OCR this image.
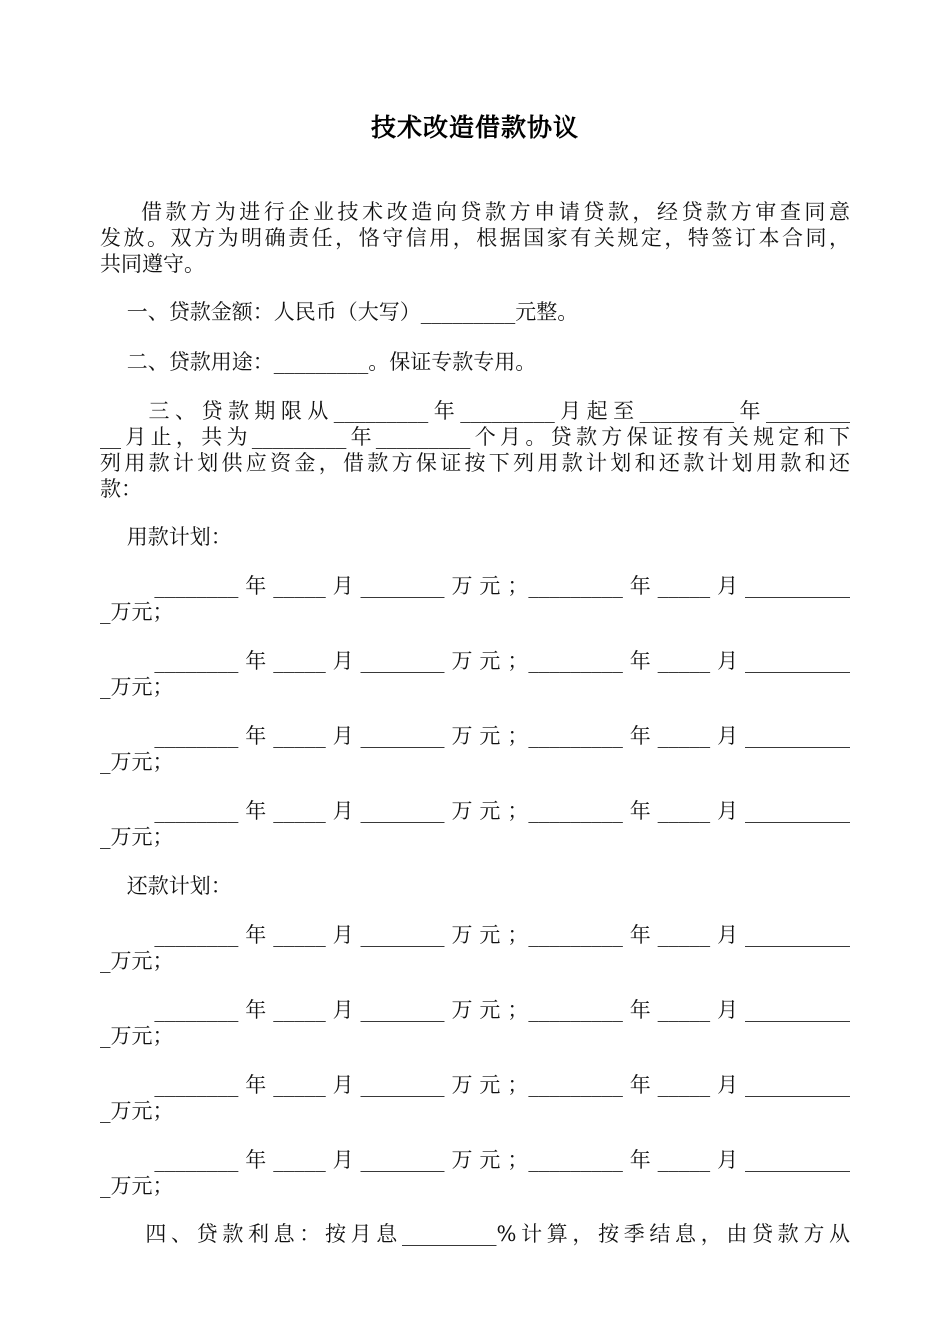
技术改造借款协议
借款方为进行企业技术改造向贷款方申请贷款，经贷款方审查同意
发放。双方为明确责任，恪守信用，根据国家有关规定，特签订本合同，
共同遵守。
一、贷款金额：人民币（大写）_________元整。
二、贷款用途：_________。保证专款专用。
三、贷款期限从_________年_________月起至_________年________
__月止，共为_________年_________个月。贷款方保证按有关规定和下
列用款计划供应资金，借款方保证按下列用款计划和还款计划用款和还
款：
用款计划：
________年_____月________万元；_________年_____月__________
_万元；
________年_____月________万元；_________年_____月__________
_万元；
________年_____月________万元；_________年_____月__________
_万元；
________年_____月________万元；_________年_____月__________
_万元；
还款计划：
________年_____月________万元；_________年_____月__________
_万元；
________年_____月________万元；_________年_____月__________
_万元；
________年_____月________万元；_________年_____月__________
_万元；
________年_____月________万元；_________年_____月__________
_万元；
四、贷款利息：按月息_________%计算，按季结息，由贷款方从
